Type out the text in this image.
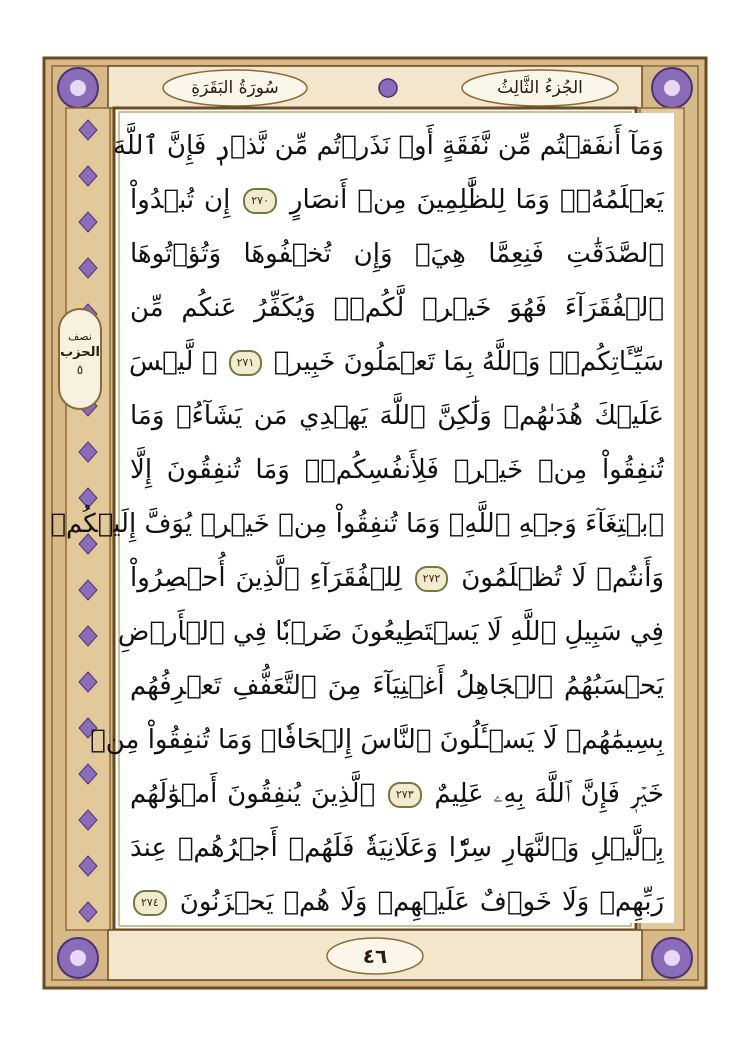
الجُزءُ الثَّالِثُ
سُورَةُ البَقَرَةِ
وَمَآ أَنفَقۡتُم مِّن نَّفَقَةٍ أَوۡ نَذَرۡتُم مِّن نَّذۡرٖ فَإِنَّ ٱللَّهَ
يَعۡلَمُهُۥۗ وَمَا لِلظَّٰلِمِينَ مِنۡ أَنصَارٍ ٢٧٠ إِن تُبۡدُواْ
ٱلصَّدَقَٰتِ فَنِعِمَّا هِيَۖ وَإِن تُخۡفُوهَا وَتُؤۡتُوهَا
ٱلۡفُقَرَآءَ فَهُوَ خَيۡرٞ لَّكُمۡۚ وَيُكَفِّرُ عَنكُم مِّن
سَيِّـَٔاتِكُمۡۗ وَٱللَّهُ بِمَا تَعۡمَلُونَ خَبِيرٞ ٢٧١ ۞ لَّيۡسَ
عَلَيۡكَ هُدَىٰهُمۡ وَلَٰكِنَّ ٱللَّهَ يَهۡدِي مَن يَشَآءُۗ وَمَا
تُنفِقُواْ مِنۡ خَيۡرٖ فَلِأَنفُسِكُمۡۚ وَمَا تُنفِقُونَ إِلَّا
ٱبۡتِغَآءَ وَجۡهِ ٱللَّهِۚ وَمَا تُنفِقُواْ مِنۡ خَيۡرٖ يُوَفَّ إِلَيۡكُمۡ
وَأَنتُمۡ لَا تُظۡلَمُونَ ٢٧٢ لِلۡفُقَرَآءِ ٱلَّذِينَ أُحۡصِرُواْ
فِي سَبِيلِ ٱللَّهِ لَا يَسۡتَطِيعُونَ ضَرۡبٗا فِي ٱلۡأَرۡضِ
يَحۡسَبُهُمُ ٱلۡجَاهِلُ أَغۡنِيَآءَ مِنَ ٱلتَّعَفُّفِ تَعۡرِفُهُم
بِسِيمَٰهُمۡ لَا يَسۡـَٔلُونَ ٱلنَّاسَ إِلۡحَافٗاۗ وَمَا تُنفِقُواْ مِنۡ
خَيۡرٖ فَإِنَّ ٱللَّهَ بِهِۦ عَلِيمٌ ٢٧٣ ٱلَّذِينَ يُنفِقُونَ أَمۡوَٰلَهُم
بِٱلَّيۡلِ وَٱلنَّهَارِ سِرّٗا وَعَلَانِيَةٗ فَلَهُمۡ أَجۡرُهُمۡ عِندَ
رَبِّهِمۡ وَلَا خَوۡفٌ عَلَيۡهِمۡ وَلَا هُمۡ يَحۡزَنُونَ ٢٧٤
نصف
الحزب
٥
٤٦
